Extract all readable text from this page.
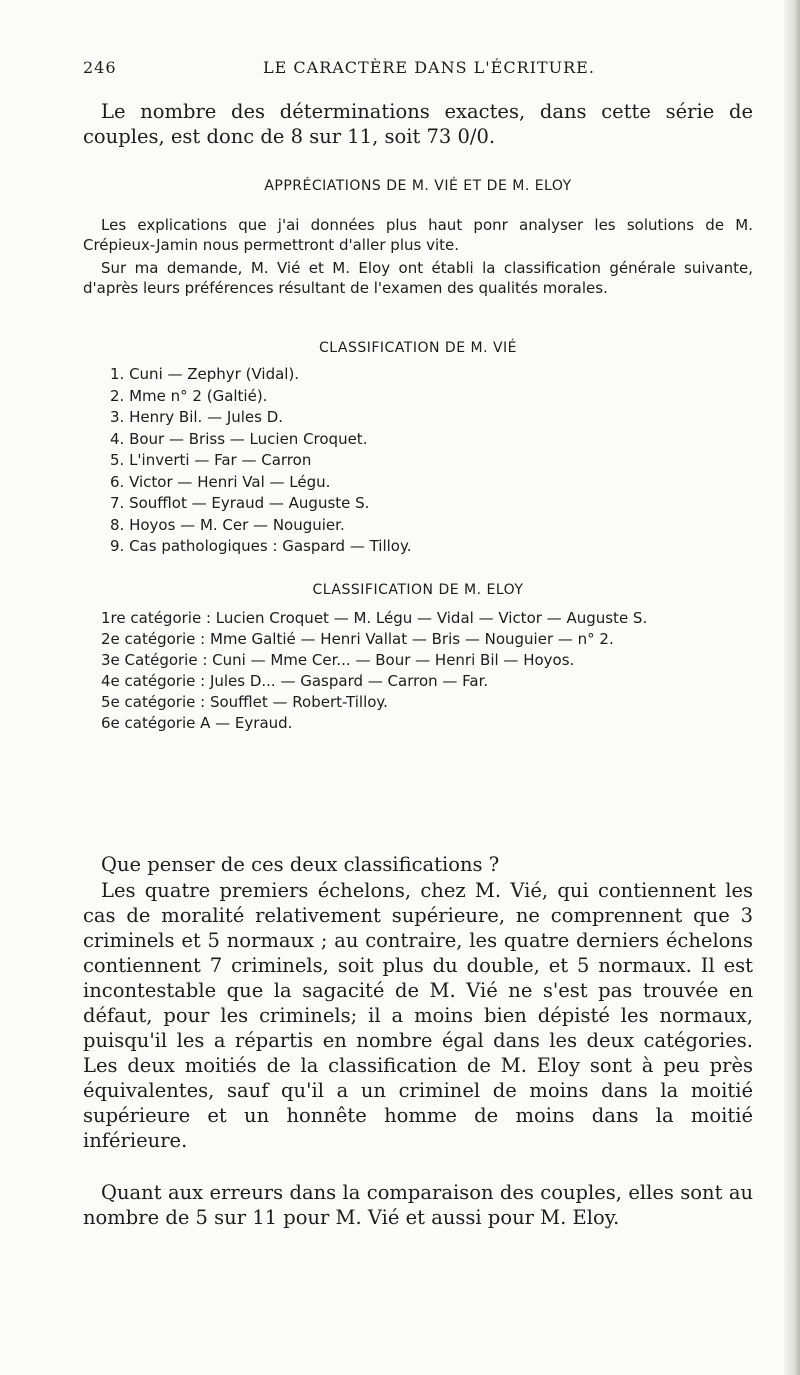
246	LE CARACTÈRE DANS L'ÉCRITURE.

Le nombre des déterminations exactes, dans cette série de couples, est donc de 8 sur 11, soit 73 0/0.

APPRÉCIATIONS DE M. VIÉ ET DE M. ELOY

Les explications que j'ai données plus haut ponr analyser les solutions de M. Crépieux-Jamin nous permettront d'aller plus vite.

Sur ma demande, M. Vié et M. Eloy ont établi la classification générale suivante, d'après leurs préférences résultant de l'examen des qualités morales.

CLASSIFICATION DE M. VIÉ

1. Cuni — Zephyr (Vidal).
2. Mme n° 2 (Galtié).
3. Henry Bil. — Jules D.
4. Bour — Briss — Lucien Croquet.
5. L'inverti — Far — Carron
6. Victor — Henri Val — Légu.
7. Soufflot — Eyraud — Auguste S.
8. Hoyos — M. Cer — Nouguier.
9. Cas pathologiques : Gaspard — Tilloy.

CLASSIFICATION DE M. ELOY

1re catégorie : Lucien Croquet — M. Légu — Vidal — Victor — Auguste S.

2e catégorie : Mme Galtié — Henri Vallat — Bris — Nouguier — n° 2.

3e Catégorie : Cuni — Mme Cer... — Bour — Henri Bil — Hoyos.

4e catégorie : Jules D... — Gaspard — Carron — Far.

5e catégorie : Soufflet — Robert-Tilloy.

6e catégorie A — Eyraud.

Que penser de ces deux classifications ?

Les quatre premiers échelons, chez M. Vié, qui contiennent les cas de moralité relativement supérieure, ne comprennent que 3 criminels et 5 normaux ; au contraire, les quatre derniers échelons contiennent 7 criminels, soit plus du double, et 5 normaux. Il est incontestable que la sagacité de M. Vié ne s'est pas trouvée en défaut, pour les criminels; il a moins bien dépisté les normaux, puisqu'il les a répartis en nombre égal dans les deux catégories. Les deux moitiés de la classification de M. Eloy sont à peu près équivalentes, sauf qu'il a un criminel de moins dans la moitié supérieure et un honnête homme de moins dans la moitié inférieure.

Quant aux erreurs dans la comparaison des couples, elles sont au nombre de 5 sur 11 pour M. Vié et aussi pour M. Eloy.
